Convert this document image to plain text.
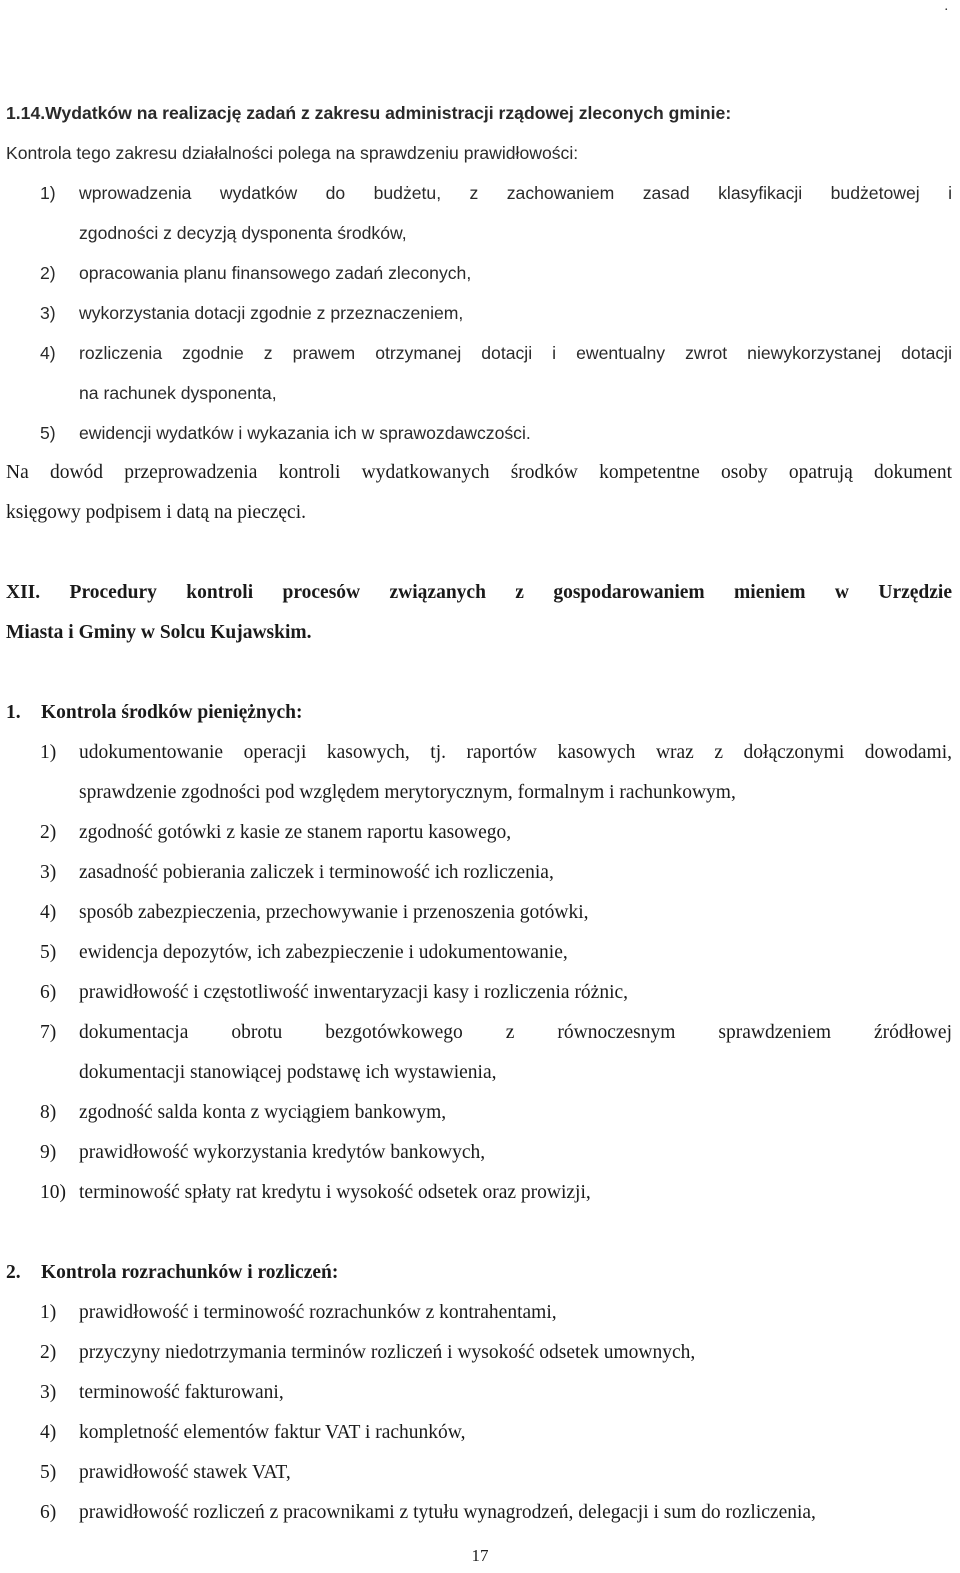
.
1.14.Wydatków na realizację zadań z zakresu administracji rządowej zleconych gminie:
Kontrola tego zakresu działalności polega na sprawdzeniu prawidłowości:
1)	wprowadzenia wydatków do budżetu, z zachowaniem zasad klasyfikacji budżetowej i
zgodności z decyzją dysponenta środków,
2)	opracowania planu finansowego zadań zleconych,
3)	wykorzystania dotacji zgodnie z przeznaczeniem,
4)	rozliczenia zgodnie z prawem otrzymanej dotacji i ewentualny zwrot niewykorzystanej dotacji
na rachunek dysponenta,
5)	ewidencji wydatków i wykazania ich w sprawozdawczości.
Na dowód przeprowadzenia kontroli wydatkowanych środków kompetentne osoby opatrują dokument
księgowy podpisem i datą na pieczęci.
XII. Procedury kontroli procesów związanych z gospodarowaniem mieniem w Urzędzie
Miasta i Gminy w Solcu Kujawskim.
1. Kontrola środków pieniężnych:
1)	udokumentowanie operacji kasowych, tj. raportów kasowych wraz z dołączonymi dowodami,
sprawdzenie zgodności pod względem merytorycznym, formalnym i rachunkowym,
2)	zgodność gotówki z kasie ze stanem raportu kasowego,
3)	zasadność pobierania zaliczek i terminowość ich rozliczenia,
4)	sposób zabezpieczenia, przechowywanie i przenoszenia gotówki,
5)	ewidencja depozytów, ich zabezpieczenie i udokumentowanie,
6)	prawidłowość i częstotliwość inwentaryzacji kasy i rozliczenia różnic,
7)	dokumentacja obrotu bezgotówkowego z równoczesnym sprawdzeniem źródłowej
dokumentacji stanowiącej podstawę ich wystawienia,
8)	zgodność salda konta z wyciągiem bankowym,
9)	prawidłowość wykorzystania kredytów bankowych,
10) terminowość spłaty rat kredytu i wysokość odsetek oraz prowizji,
2. Kontrola rozrachunków i rozliczeń:
1)	prawidłowość i terminowość rozrachunków z kontrahentami,
2)	przyczyny niedotrzymania terminów rozliczeń i wysokość odsetek umownych,
3)	terminowość fakturowani,
4)	kompletność elementów faktur VAT i rachunków,
5)	prawidłowość stawek VAT,
6)	prawidłowość rozliczeń z pracownikami z tytułu wynagrodzeń, delegacji i sum do rozliczenia,
17
